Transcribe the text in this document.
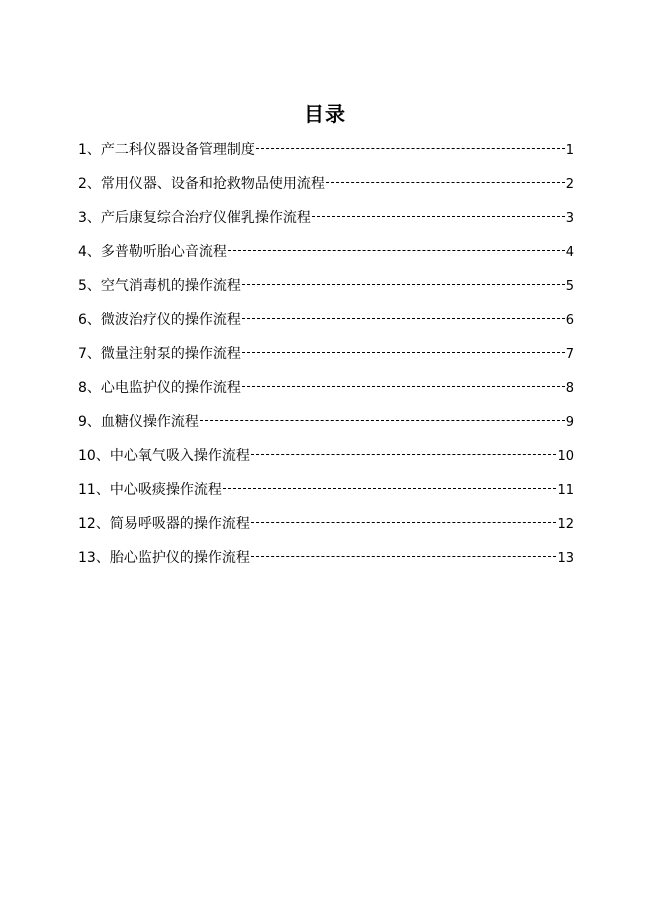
目录
1、产二科仪器设备管理制度	1
2、常用仪器、设备和抢救物品使用流程	2
3、产后康复综合治疗仪催乳操作流程	3
4、多普勒听胎心音流程	4
5、空气消毒机的操作流程	5
6、微波治疗仪的操作流程	6
7、微量注射泵的操作流程	7
8、心电监护仪的操作流程	8
9、血糖仪操作流程	9
10、中心氧气吸入操作流程	10
11、中心吸痰操作流程	11
12、简易呼吸器的操作流程	12
13、胎心监护仪的操作流程	13
